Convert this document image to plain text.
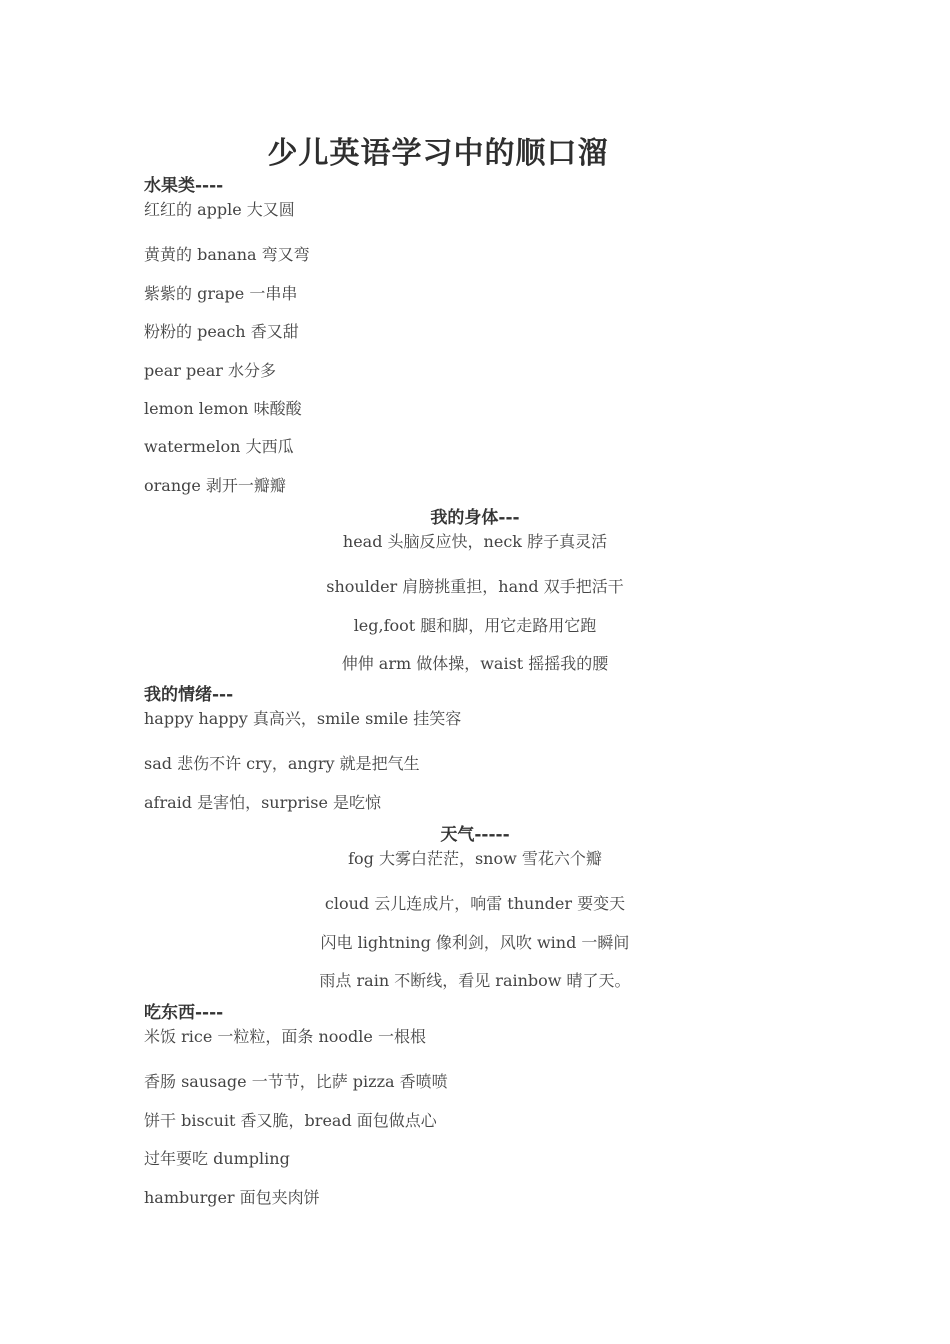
少儿英语学习中的顺口溜
水果类----
红红的 apple 大又圆
黄黄的 banana 弯又弯
紫紫的 grape 一串串
粉粉的 peach 香又甜
pear pear 水分多
lemon lemon 味酸酸
watermelon 大西瓜
orange 剥开一瓣瓣
我的身体---
head 头脑反应快，neck 脖子真灵活
shoulder 肩膀挑重担，hand 双手把活干
leg,foot 腿和脚，用它走路用它跑
伸伸 arm 做体操，waist 摇摇我的腰
我的情绪---
happy happy 真高兴，smile smile 挂笑容
sad 悲伤不许 cry，angry 就是把气生
afraid 是害怕，surprise 是吃惊
天气-----
fog 大雾白茫茫，snow 雪花六个瓣
cloud 云儿连成片，响雷 thunder 要变天
闪电 lightning 像利剑，风吹 wind 一瞬间
雨点 rain 不断线，看见 rainbow 晴了天。
吃东西----
米饭 rice 一粒粒，面条 noodle 一根根
香肠 sausage 一节节，比萨 pizza 香喷喷
饼干 biscuit 香又脆，bread 面包做点心
过年要吃 dumpling
hamburger 面包夹肉饼
